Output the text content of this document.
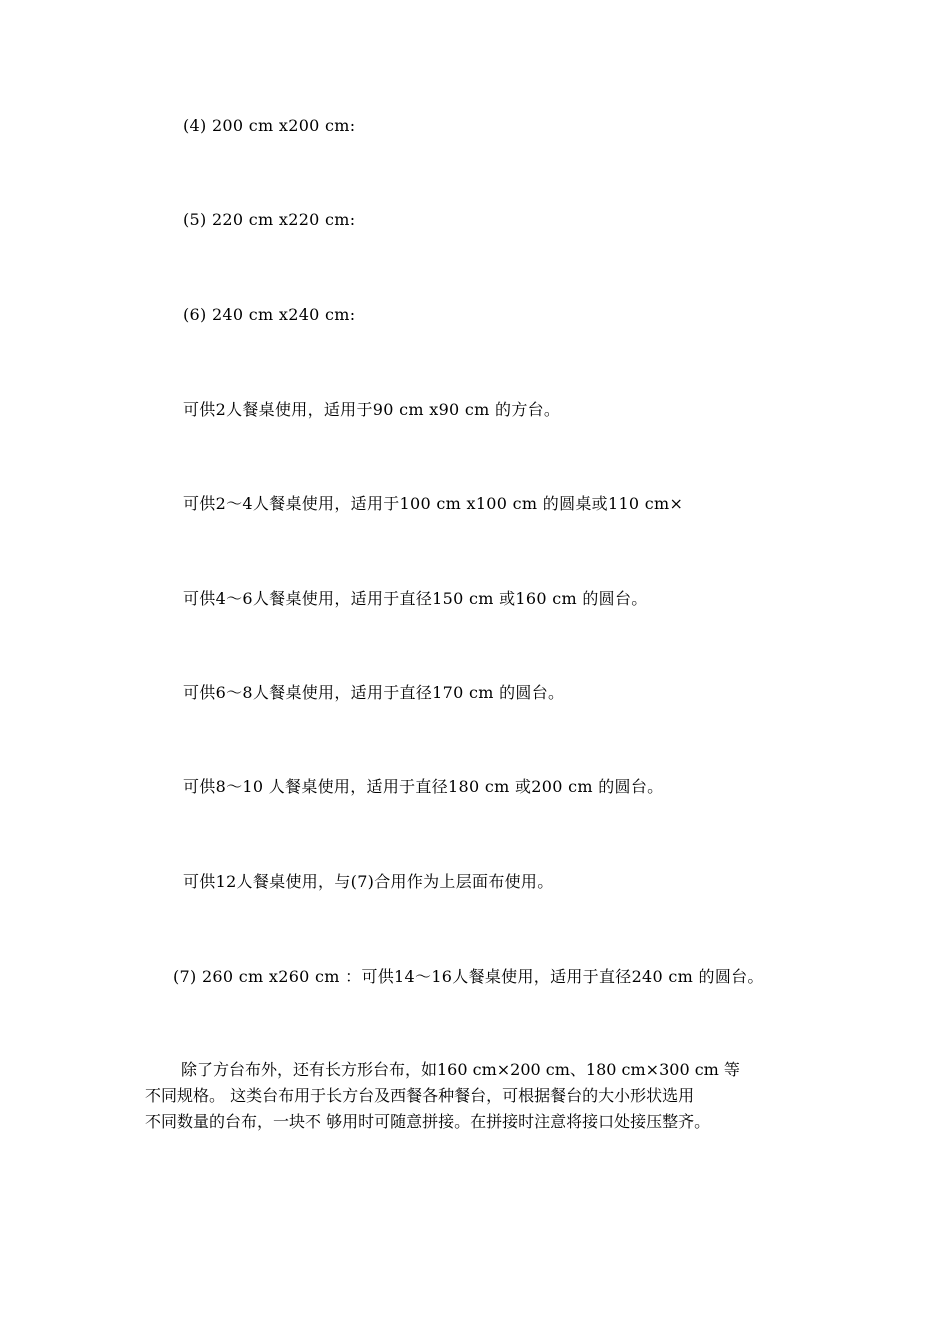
(4) 200 cm x200 cm:
(5) 220 cm x220 cm:
(6) 240 cm x240 cm:
可供2人餐桌使用，适用于90 cm x90 cm 的方台。
可供2～4人餐桌使用，适用于100 cm x100 cm 的圆桌或110 cm×
可供4～6人餐桌使用，适用于直径150 cm 或160 cm 的圆台。
可供6～8人餐桌使用，适用于直径170 cm 的圆台。
可供8～10 人餐桌使用，适用于直径180 cm 或200 cm 的圆台。
可供12人餐桌使用，与(7)合用作为上层面布使用。
(7) 260 cm x260 cm ：可供14～16人餐桌使用，适用于直径240 cm 的圆台。
除了方台布外，还有长方形台布，如160 cm×200 cm、180 cm×300 cm 等
不同规格。 这类台布用于长方台及西餐各种餐台，可根据餐台的大小形状选用
不同数量的台布，一块不 够用时可随意拼接。在拼接时注意将接口处接压整齐。
